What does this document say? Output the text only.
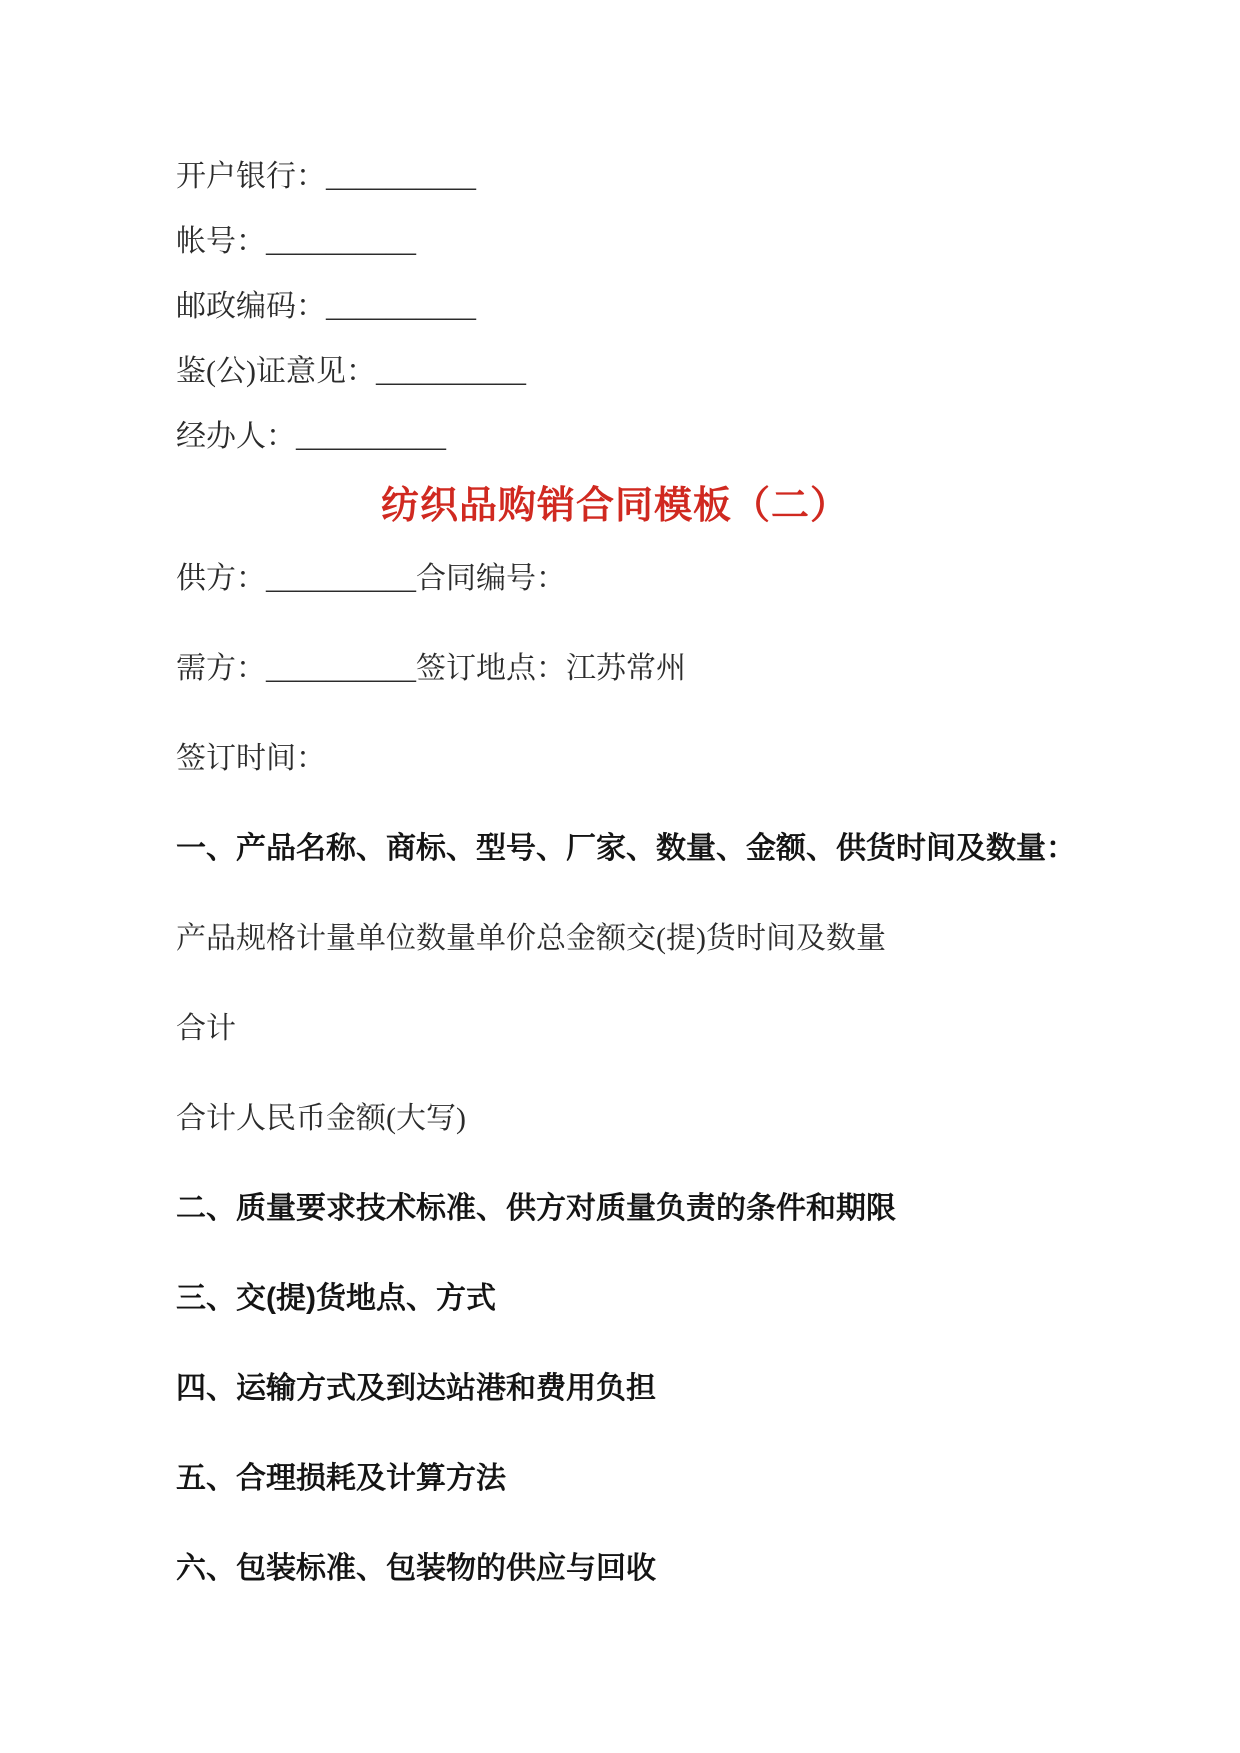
开户银行：__________

帐号：__________

邮政编码：__________

鉴(公)证意见：__________

经办人：__________

纺织品购销合同模板（二）

供方：__________合同编号：

需方：__________签订地点：江苏常州

签订时间：

一、产品名称、商标、型号、厂家、数量、金额、供货时间及数量：

产品规格计量单位数量单价总金额交(提)货时间及数量

合计

合计人民币金额(大写)

二、质量要求技术标准、供方对质量负责的条件和期限

三、交(提)货地点、方式

四、运输方式及到达站港和费用负担

五、合理损耗及计算方法

六、包装标准、包装物的供应与回收
